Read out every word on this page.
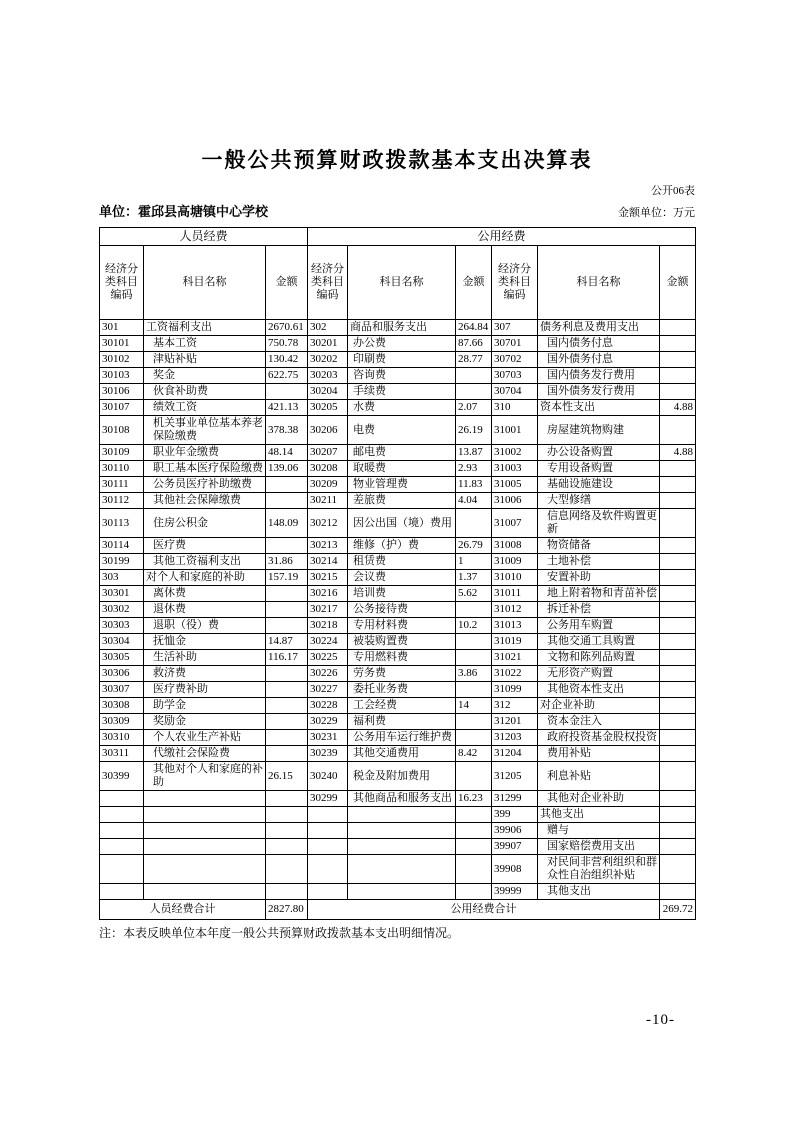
一般公共预算财政拨款基本支出决算表
公开06表
单位：霍邱县高塘镇中心学校	金额单位：万元
人员经费			公用经费					
经济分类科目编码	科目名称	金额	经济分类科目编码	科目名称	金额	经济分类科目编码	科目名称	金额
301	工资福利支出	2670.61	302	商品和服务支出	264.84	307	债务利息及费用支出	
30101	基本工资	750.78	30201	办公费	87.66	30701	国内债务付息	
30102	津贴补贴	130.42	30202	印刷费	28.77	30702	国外债务付息	
30103	奖金	622.75	30203	咨询费		30703	国内债务发行费用	
30106	伙食补助费		30204	手续费		30704	国外债务发行费用	
30107	绩效工资	421.13	30205	水费	2.07	310	资本性支出	4.88
30108	机关事业单位基本养老保险缴费	378.38	30206	电费	26.19	31001	房屋建筑物购建	
30109	职业年金缴费	48.14	30207	邮电费	13.87	31002	办公设备购置	4.88
30110	职工基本医疗保险缴费	139.06	30208	取暖费	2.93	31003	专用设备购置	
30111	公务员医疗补助缴费		30209	物业管理费	11.83	31005	基础设施建设	
30112	其他社会保障缴费		30211	差旅费	4.04	31006	大型修缮	
30113	住房公积金	148.09	30212	因公出国（境）费用		31007	信息网络及软件购置更新	
30114	医疗费		30213	维修（护）费	26.79	31008	物资储备	
30199	其他工资福利支出	31.86	30214	租赁费	1	31009	土地补偿	
303	对个人和家庭的补助	157.19	30215	会议费	1.37	31010	安置补助	
30301	离休费		30216	培训费	5.62	31011	地上附着物和青苗补偿	
30302	退休费		30217	公务接待费		31012	拆迁补偿	
30303	退职（役）费		30218	专用材料费	10.2	31013	公务用车购置	
30304	抚恤金	14.87	30224	被装购置费		31019	其他交通工具购置	
30305	生活补助	116.17	30225	专用燃料费		31021	文物和陈列品购置	
30306	救济费		30226	劳务费	3.86	31022	无形资产购置	
30307	医疗费补助		30227	委托业务费		31099	其他资本性支出	
30308	助学金		30228	工会经费	14	312	对企业补助	
30309	奖励金		30229	福利费		31201	资本金注入	
30310	个人农业生产补贴		30231	公务用车运行维护费		31203	政府投资基金股权投资	
30311	代缴社会保险费		30239	其他交通费用	8.42	31204	费用补贴	
30399	其他对个人和家庭的补助	26.15	30240	税金及附加费用		31205	利息补贴	
			30299	其他商品和服务支出	16.23	31299	其他对企业补助	
						399	其他支出	
						39906	赠与	
						39907	国家赔偿费用支出	
						39908	对民间非营利组织和群众性自治组织补贴	
						39999	其他支出	
人员经费合计		2827.80	公用经费合计					269.72
注：本表反映单位本年度一般公共预算财政拨款基本支出明细情况。
-10-
